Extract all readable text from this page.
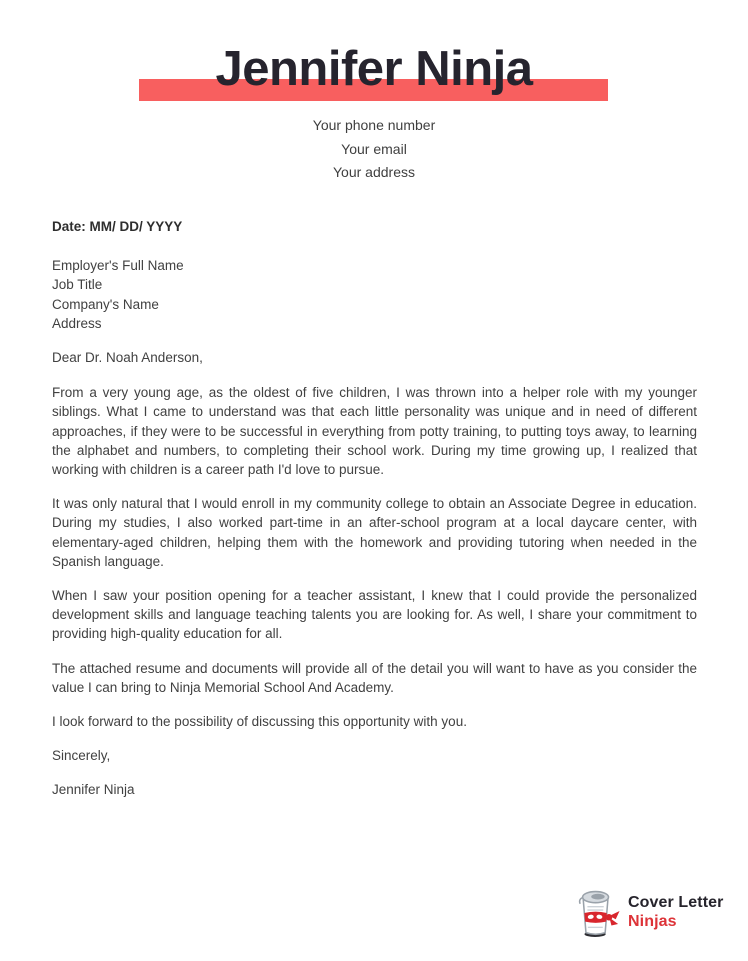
Jennifer Ninja
Your phone number
Your email
Your address

Date: MM/ DD/ YYYY

Employer's Full Name
Job Title
Company's Name
Address

Dear Dr. Noah Anderson,

From a very young age, as the oldest of five children, I was thrown into a helper role with my younger siblings. What I came to understand was that each little personality was unique and in need of different approaches, if they were to be successful in everything from potty training, to putting toys away, to learning the alphabet and numbers, to completing their school work. During my time growing up, I realized that working with children is a career path I'd love to pursue.

It was only natural that I would enroll in my community college to obtain an Associate Degree in education. During my studies, I also worked part-time in an after-school program at a local daycare center, with elementary-aged children, helping them with the homework and providing tutoring when needed in the Spanish language.

When I saw your position opening for a teacher assistant, I knew that I could provide the personalized development skills and language teaching talents you are looking for. As well, I share your commitment to providing high-quality education for all.

The attached resume and documents will provide all of the detail you will want to have as you consider the value I can bring to Ninja Memorial School And Academy.

I look forward to the possibility of discussing this opportunity with you.

Sincerely,

Jennifer Ninja

Cover Letter
Ninjas
